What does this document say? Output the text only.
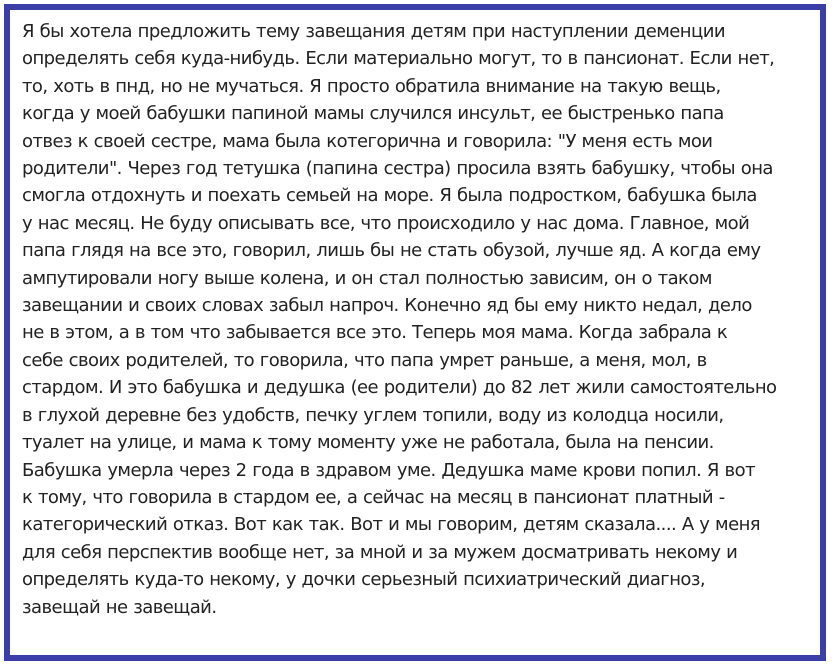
Я бы хотела предложить тему завещания детям при наступлении деменции
определять себя куда-нибудь. Если материально могут, то в пансионат. Если нет,
то, хоть в пнд, но не мучаться. Я просто обратила внимание на такую вещь,
когда у моей бабушки папиной мамы случился инсульт, ее быстренько папа
отвез к своей сестре, мама была котегорична и говорила: "У меня есть мои
родители". Через год тетушка (папина сестра) просила взять бабушку, чтобы она
смогла отдохнуть и поехать семьей на море. Я была подростком, бабушка была
у нас месяц. Не буду описывать все, что происходило у нас дома. Главное, мой
папа глядя на все это, говорил, лишь бы не стать обузой, лучше яд. А когда ему
ампутировали ногу выше колена, и он стал полностью зависим, он о таком
завещании и своих словах забыл напроч. Конечно яд бы ему никто недал, дело
не в этом, а в том что забывается все это. Теперь моя мама. Когда забрала к
себе своих родителей, то говорила, что папа умрет раньше, а меня, мол, в
стардом. И это бабушка и дедушка (ее родители) до 82 лет жили самостоятельно
в глухой деревне без удобств, печку углем топили, воду из колодца носили,
туалет на улице, и мама к тому моменту уже не работала, была на пенсии.
Бабушка умерла через 2 года в здравом уме. Дедушка маме крови попил. Я вот
к тому, что говорила в стардом ее, а сейчас на месяц в пансионат платный -
категорический отказ. Вот как так. Вот и мы говорим, детям сказала.... А у меня
для себя перспектив вообще нет, за мной и за мужем досматривать некому и
определять куда-то некому, у дочки серьезный психиатрический диагноз,
завещай не завещай.
